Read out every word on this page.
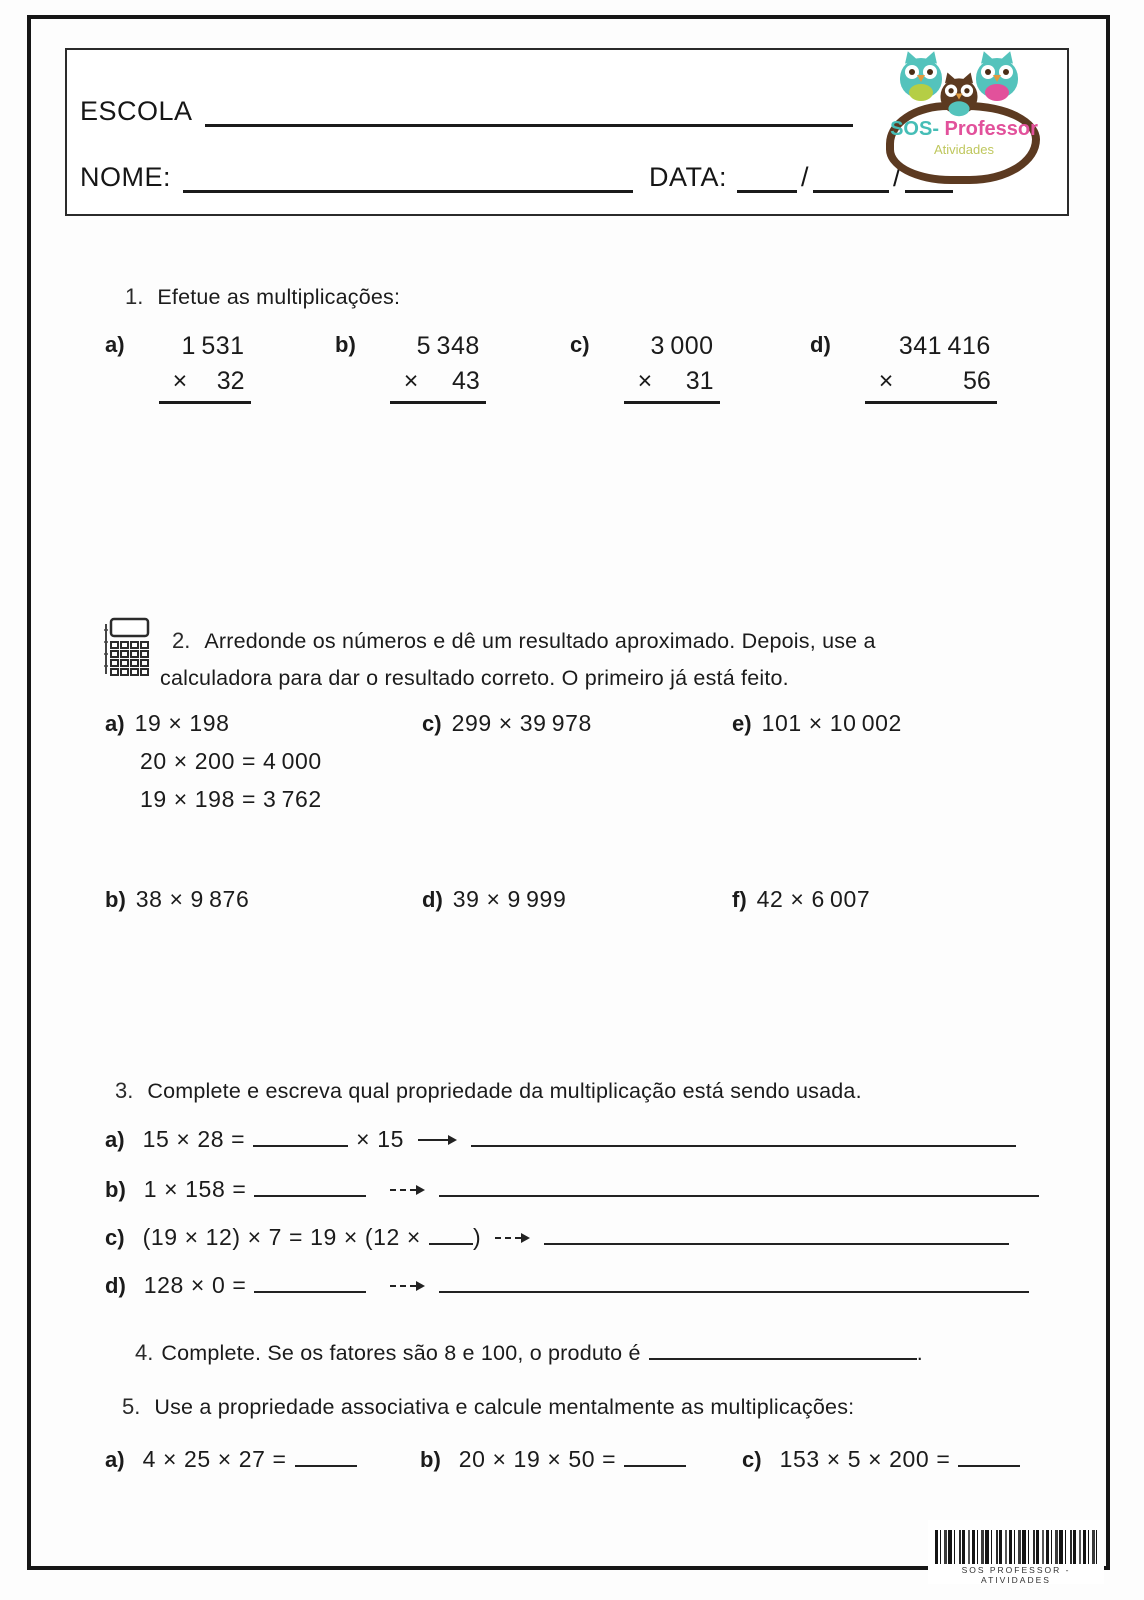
ESCOLA
NOME:	DATA:	/	/
SOS- Professor
Atividades
1. Efetue as multiplicações:
a)	1 531
× 32
b)	5 348
× 43
c)	3 000
× 31
d)	341 416
×	56
2. Arredonde os números e dê um resultado aproximado. Depois, use a
calculadora para dar o resultado correto. O primeiro já está feito.
a) 19 × 198	c) 299 × 39 978	e) 101 × 10 002
20 × 200 = 4 000
19 × 198 = 3 762
b) 38 × 9 876	d) 39 × 9 999	f) 42 × 6 007
3. Complete e escreva qual propriedade da multiplicação está sendo usada.
a) 15 × 28 =	× 15
b) 1 × 158 =
c) (19 × 12) × 7 = 19 × (12 × )
d) 128 × 0 =
4. Complete. Se os fatores são 8 e 100, o produto é	.
5. Use a propriedade associativa e calcule mentalmente as multiplicações:
a) 4 × 25 × 27 =	b) 20 × 19 × 50 =	c) 153 × 5 × 200 =
SOS PROFESSOR - ATIVIDADES
